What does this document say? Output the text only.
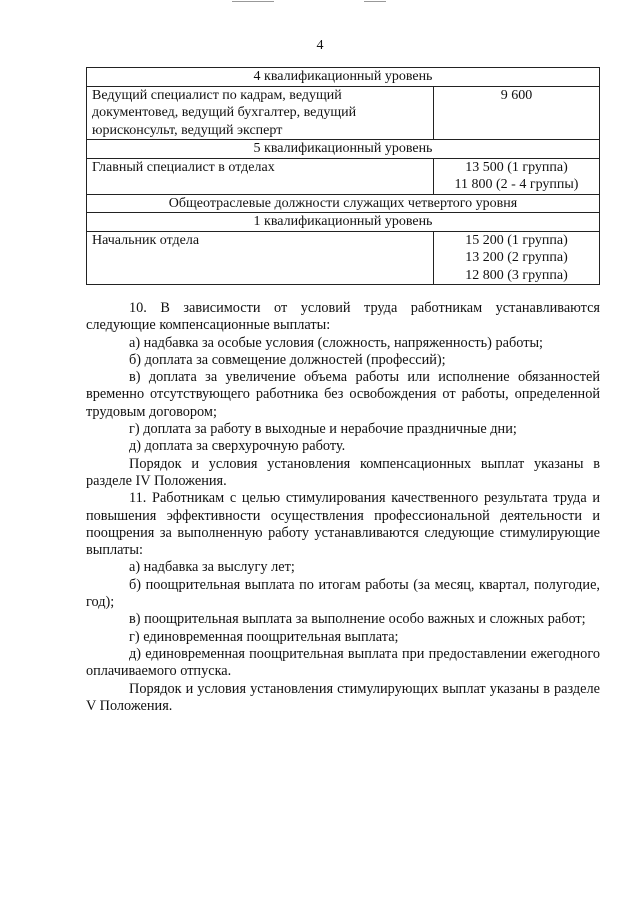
4
4 квалификационный уровень	

Ведущий специалист по кадрам, ведущий
документовед, ведущий бухгалтер, ведущий
юрисконсульт, ведущий эксперт	9 600

5 квалификационный уровень	

Главный специалист в отделах	13 500 (1 группа)
11 800 (2 - 4 группы)

Общеотраслевые должности служащих четвертого уровня	
1 квалификационный уровень	

Начальник отдела	15 200 (1 группа)
13 200 (2 группа)
12 800 (3 группа)

10. В зависимости от условий труда работникам устанавливаются следующие компенсационные выплаты:

а) надбавка за особые условия (сложность, напряженность) работы;

б) доплата за совмещение должностей (профессий);

в) доплата за увеличение объема работы или исполнение обязанностей временно отсутствующего работника без освобождения от работы, определенной трудовым договором;

г) доплата за работу в выходные и нерабочие праздничные дни;

д) доплата за сверхурочную работу.

Порядок и условия установления компенсационных выплат указаны в разделе IV Положения.

11. Работникам с целью стимулирования качественного результата труда и повышения эффективности осуществления профессиональной деятельности и поощрения за выполненную работу устанавливаются следующие стимулирующие выплаты:

а) надбавка за выслугу лет;

б) поощрительная выплата по итогам работы (за месяц, квартал, полугодие, год);

в) поощрительная выплата за выполнение особо важных и сложных работ;

г) единовременная поощрительная выплата;

д) единовременная поощрительная выплата при предоставлении ежегодного оплачиваемого отпуска.

Порядок и условия установления стимулирующих выплат указаны в разделе V Положения.
